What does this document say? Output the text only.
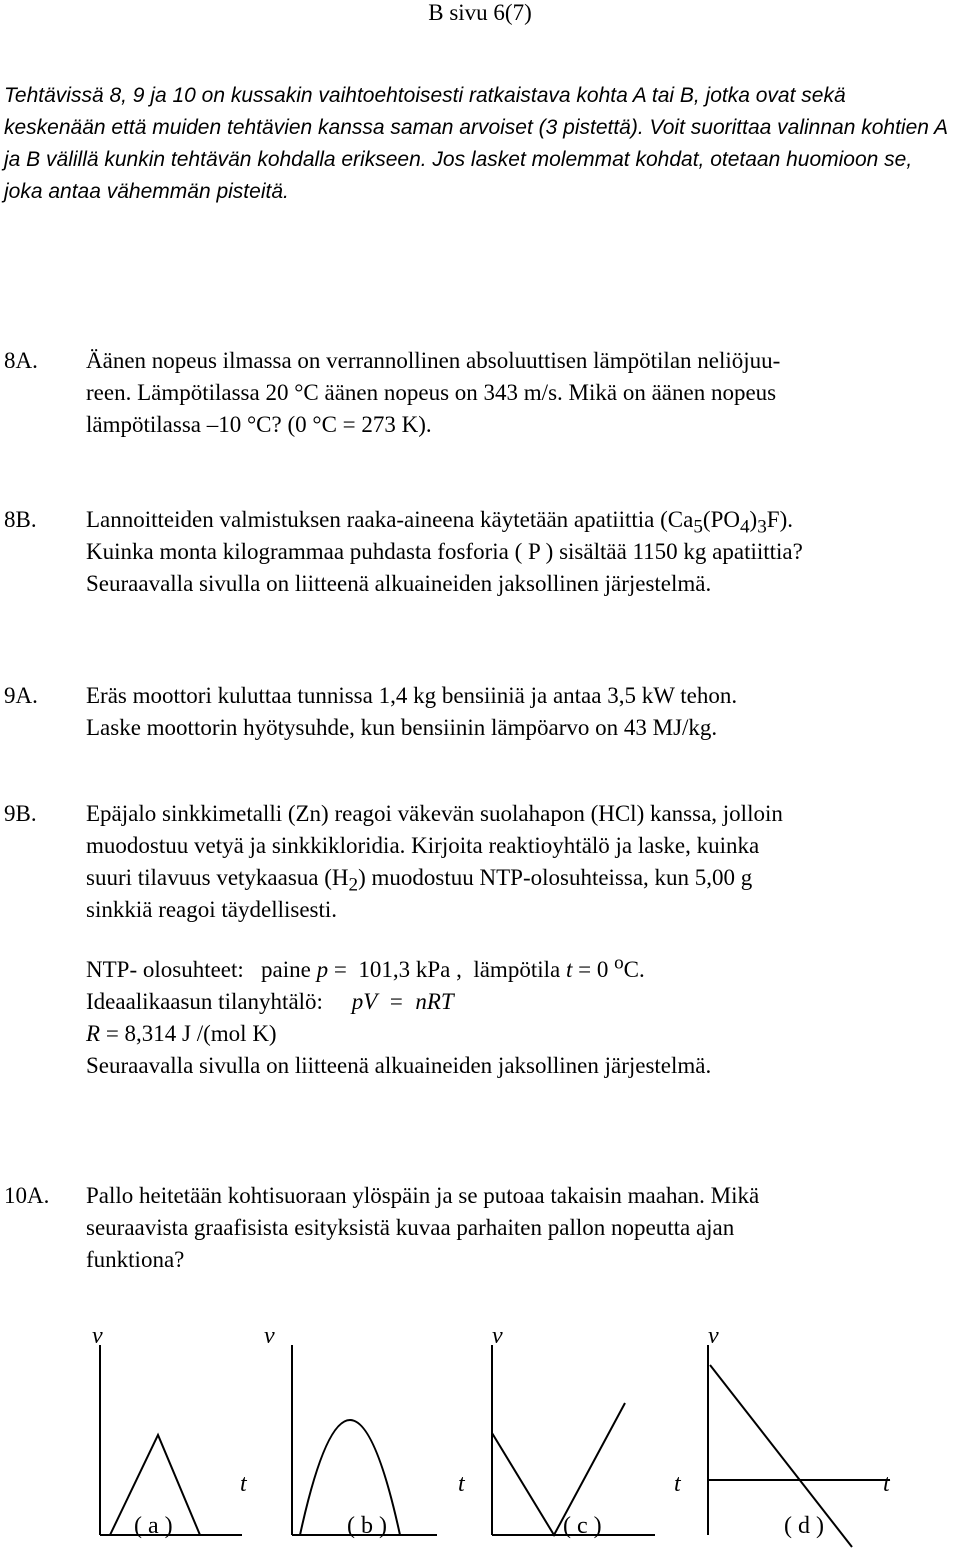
B sivu 6(7)

Tehtävissä 8, 9 ja 10 on kussakin vaihtoehtoisesti ratkaistava kohta A tai B, jotka ovat sekä keskenään että muiden tehtävien kanssa saman arvoiset (3 pistettä). Voit suorittaa valinnan kohtien A ja B välillä kunkin tehtävän kohdalla erikseen. Jos lasket molemmat kohdat, otetaan huomioon se, joka antaa vähemmän pisteitä.

8A. Äänen nopeus ilmassa on verrannollinen absoluuttisen lämpötilan neliöjuu-
reen. Lämpötilassa 20 °C äänen nopeus on 343 m/s. Mikä on äänen nopeus
lämpötilassa –10 °C? (0 °C = 273 K).
8B. Lannoitteiden valmistuksen raaka-aineena käytetään apatiittia $(Ca_5(PO_4)_3F)$.
Kuinka monta kilogrammaa puhdasta fosforia ( P ) sisältää 1150 kg apatiittia?
Seuraavalla sivulla on liitteenä alkuaineiden jaksollinen järjestelmä.
9A. Eräs moottori kuluttaa tunnissa 1,4 kg bensiiniä ja antaa 3,5 kW tehon.
Laske moottorin hyötysuhde, kun bensiinin lämpöarvo on 43 MJ/kg.
9B. Epäjalo sinkkimetalli (Zn) reagoi väkevän suolahapon (HCl) kanssa, jolloin
muodostuu vetyä ja sinkkikloridia. Kirjoita reaktioyhtälö ja laske, kuinka
suuri tilavuus vetykaasua $(H_2)$ muodostuu NTP-olosuhteissa, kun 5,00 g
sinkkiä reagoi täydellisesti.
NTP- olosuhteet:   paine p =  101,3 kPa ,  lämpötila t = 0 $^o$C.
Ideaalikaasun tilanyhtälö:     pV  =  nRT
R = 8,314 J /(mol K)
Seuraavalla sivulla on liitteenä alkuaineiden jaksollinen järjestelmä.
10A. Pallo heitetään kohtisuoraan ylöspäin ja se putoaa takaisin maahan. Mikä
seuraavista graafisista esityksistä kuvaa parhaiten pallon nopeutta ajan
funktiona?
v	v	v	v
t	t	t	t
( a )	( b )	( c )	( d )
